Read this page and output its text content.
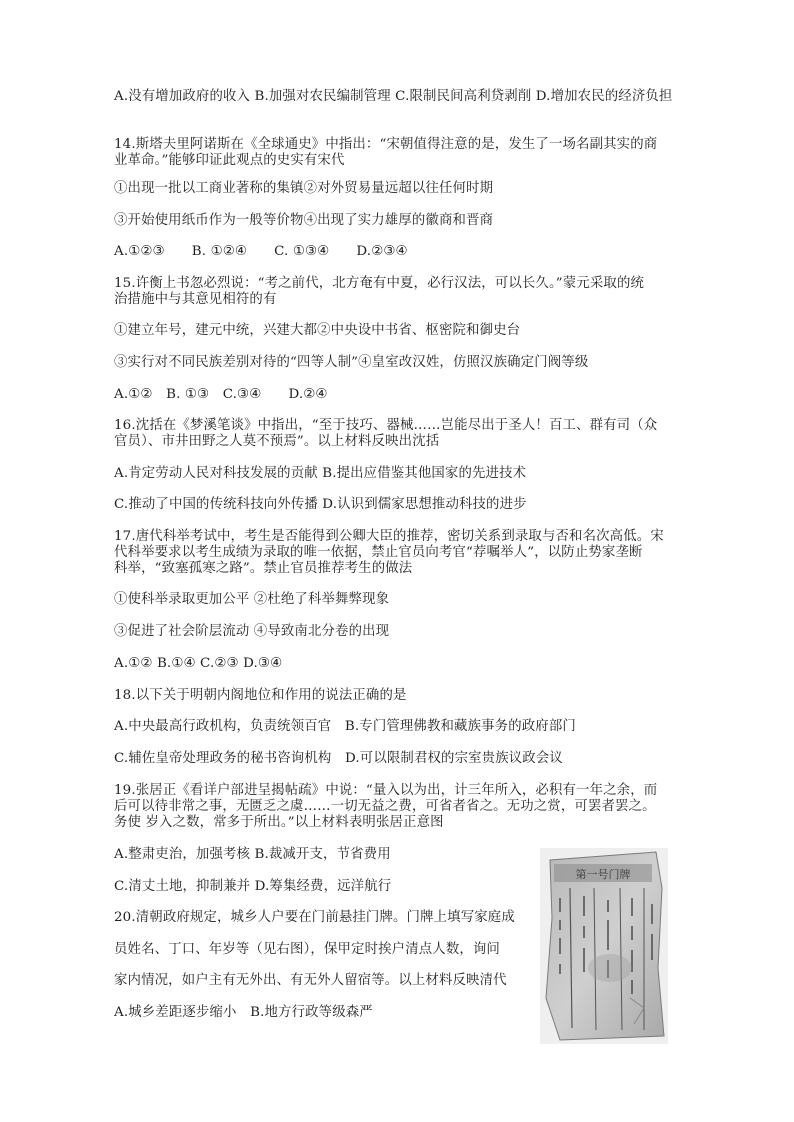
A.没有增加政府的收入 B.加强对农民编制管理 C.限制民间高利贷剥削 D.增加农民的经济负担
14.斯塔夫里阿诺斯在《全球通史》中指出：“宋朝值得注意的是，发生了一场名副其实的商
业革命。”能够印证此观点的史实有宋代
①出现一批以工商业著称的集镇②对外贸易量远超以往任何时期
③开始使用纸币作为一般等价物④出现了实力雄厚的徽商和晋商
A.①②③　　B. ①②④　　C. ①③④　　D.②③④
15.许衡上书忽必烈说：“考之前代，北方奄有中夏，必行汉法，可以长久。”蒙元采取的统
治措施中与其意见相符的有
①建立年号，建元中统，兴建大都②中央设中书省、枢密院和御史台
③实行对不同民族差别对待的“四等人制”④皇室改汉姓，仿照汉族确定门阀等级
A.①②　B. ①③　C.③④　　D.②④
16.沈括在《梦溪笔谈》中指出，“至于技巧、器械……岂能尽出于圣人！百工、群有司（众
官员）、市井田野之人莫不预焉”。以上材料反映出沈括
A.肯定劳动人民对科技发展的贡献 B.提出应借鉴其他国家的先进技术
C.推动了中国的传统科技向外传播 D.认识到儒家思想推动科技的进步
17.唐代科举考试中，考生是否能得到公卿大臣的推荐，密切关系到录取与否和名次高低。宋
代科举要求以考生成绩为录取的唯一依据，禁止官员向考官“荐嘱举人”，以防止势家垄断
科举，“致塞孤寒之路”。禁止官员推荐考生的做法
①使科举录取更加公平 ②杜绝了科举舞弊现象
③促进了社会阶层流动 ④导致南北分卷的出现
A.①② B.①④ C.②③ D.③④
18.以下关于明朝内阁地位和作用的说法正确的是
A.中央最高行政机构，负责统领百官　B.专门管理佛教和藏族事务的政府部门
C.辅佐皇帝处理政务的秘书咨询机构　D.可以限制君权的宗室贵族议政会议
19.张居正《看详户部进呈揭帖疏》中说：“量入以为出，计三年所入，必积有一年之余，而
后可以待非常之事，无匮乏之虞……一切无益之费，可省者省之。无功之赏，可罢者罢之。
务使 岁入之数，常多于所出。”以上材料表明张居正意图
A.整肃吏治，加强考核 B.裁减开支，节省费用
C.清丈土地，抑制兼并 D.筹集经费，远洋航行
20.清朝政府规定，城乡人户要在门前悬挂门牌。门牌上填写家庭成
员姓名、丁口、年岁等（见右图），保甲定时挨户清点人数，询问
家内情况，如户主有无外出、有无外人留宿等。以上材料反映清代
A.城乡差距逐步缩小　B.地方行政等级森严
第一号门牌
